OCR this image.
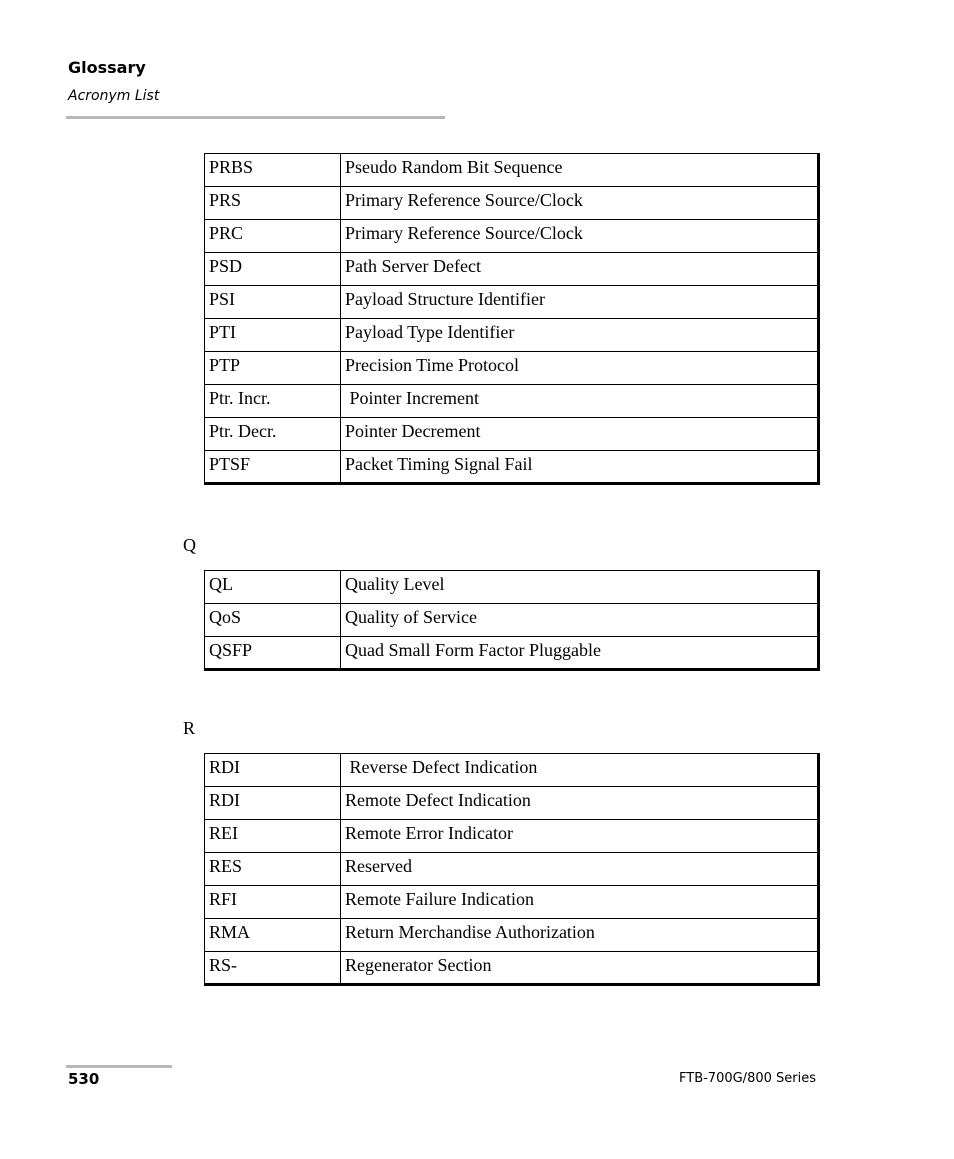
Glossary
Acronym List
PRBS	Pseudo Random Bit Sequence
PRS	Primary Reference Source/Clock
PRC	Primary Reference Source/Clock
PSD	Path Server Defect
PSI	Payload Structure Identifier
PTI	Payload Type Identifier
PTP	Precision Time Protocol
Ptr. Incr.	Pointer Increment
Ptr. Decr.	Pointer Decrement
PTSF	Packet Timing Signal Fail
Q
QL	Quality Level
QoS	Quality of Service
QSFP	Quad Small Form Factor Pluggable
R
RDI	Reverse Defect Indication
RDI	Remote Defect Indication
REI	Remote Error Indicator
RES	Reserved
RFI	Remote Failure Indication
RMA	Return Merchandise Authorization
RS-	Regenerator Section
530	FTB-700G/800 Series
